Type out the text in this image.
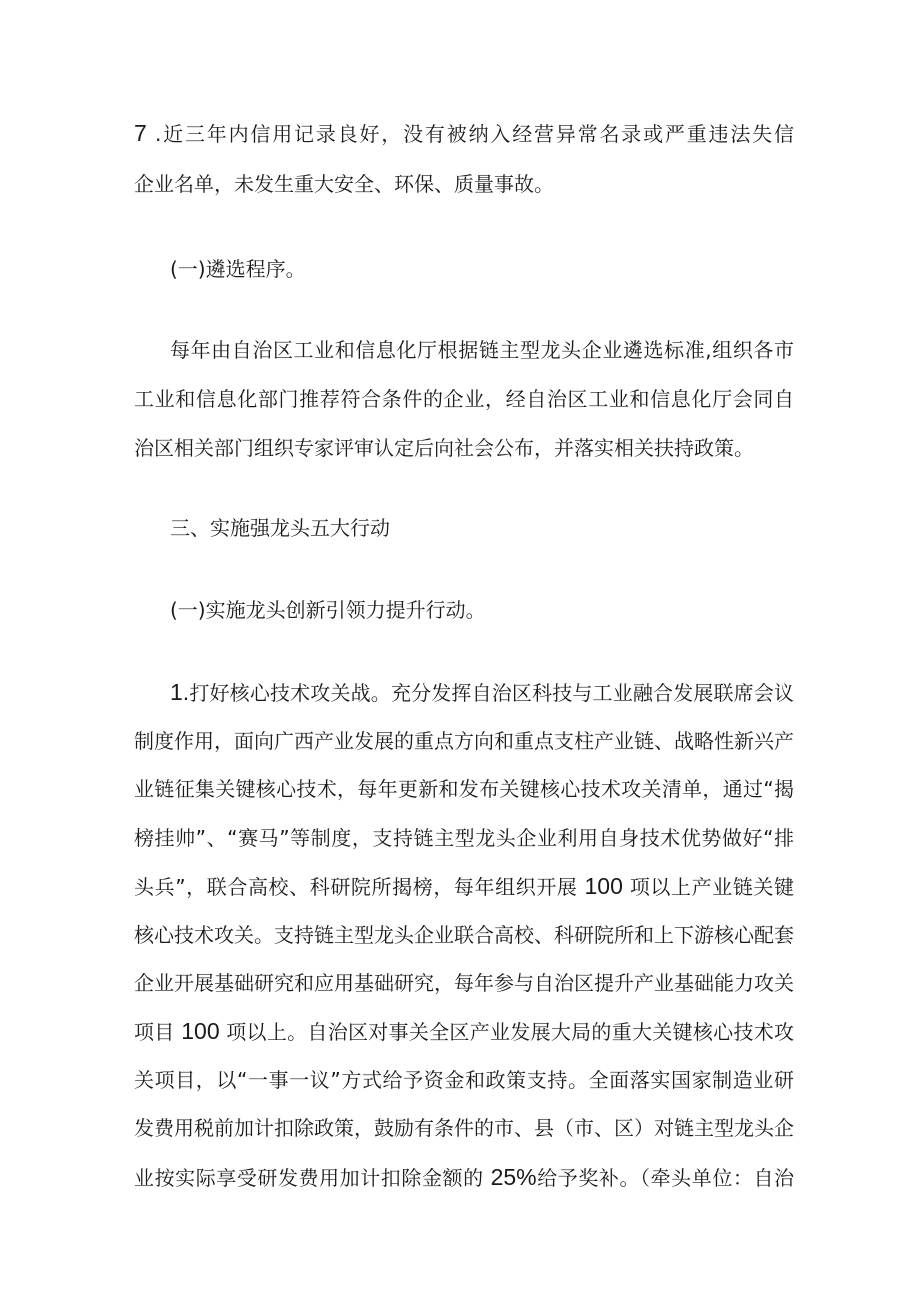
7 .近三年内信用记录良好，没有被纳入经营异常名录或严重违法失信
企业名单，未发生重大安全、环保、质量事故。
(一)遴选程序。
每年由自治区工业和信息化厅根据链主型龙头企业遴选标准,组织各市
工业和信息化部门推荐符合条件的企业，经自治区工业和信息化厅会同自
治区相关部门组织专家评审认定后向社会公布，并落实相关扶持政策。
三、实施强龙头五大行动
(一)实施龙头创新引领力提升行动。
1.打好核心技术攻关战。充分发挥自治区科技与工业融合发展联席会议
制度作用，面向广西产业发展的重点方向和重点支柱产业链、战略性新兴产
业链征集关键核心技术，每年更新和发布关键核心技术攻关清单，通过“揭
榜挂帅”、“赛马”等制度，支持链主型龙头企业利用自身技术优势做好“排
头兵”，联合高校、科研院所揭榜，每年组织开展 100 项以上产业链关键
核心技术攻关。支持链主型龙头企业联合高校、科研院所和上下游核心配套
企业开展基础研究和应用基础研究，每年参与自治区提升产业基础能力攻关
项目 100 项以上。自治区对事关全区产业发展大局的重大关键核心技术攻
关项目，以“一事一议”方式给予资金和政策支持。全面落实国家制造业研
发费用税前加计扣除政策，鼓励有条件的市、县（市、区）对链主型龙头企
业按实际享受研发费用加计扣除金额的 25%给予奖补。（牵头单位：自治
